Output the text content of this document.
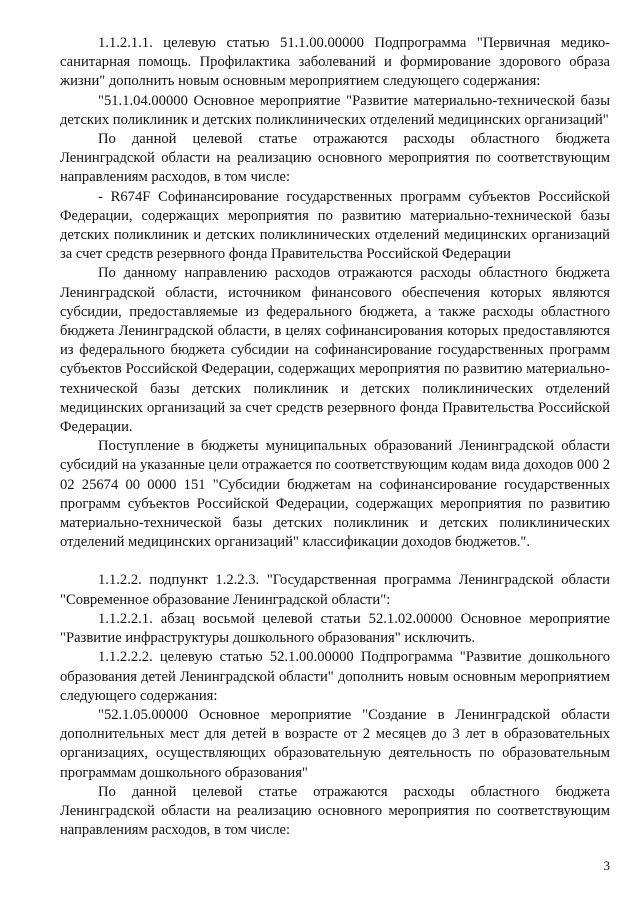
1.1.2.1.1. целевую статью 51.1.00.00000 Подпрограмма "Первичная медико-санитарная помощь. Профилактика заболеваний и формирование здорового образа жизни" дополнить новым основным мероприятием следующего содержания:

"51.1.04.00000 Основное мероприятие "Развитие материально-технической базы детских поликлиник и детских поликлинических отделений медицинских организаций"

По данной целевой статье отражаются расходы областного бюджета Ленинградской области на реализацию основного мероприятия по соответствующим направлениям расходов, в том числе:

- R674F Софинансирование государственных программ субъектов Российской Федерации, содержащих мероприятия по развитию материально-технической базы детских поликлиник и детских поликлинических отделений медицинских организаций за счет средств резервного фонда Правительства Российской Федерации

По данному направлению расходов отражаются расходы областного бюджета Ленинградской области, источником финансового обеспечения которых являются субсидии, предоставляемые из федерального бюджета, а также расходы областного бюджета Ленинградской области, в целях софинансирования которых предоставляются из федерального бюджета субсидии на софинансирование государственных программ субъектов Российской Федерации, содержащих мероприятия по развитию материально-технической базы детских поликлиник и детских поликлинических отделений медицинских организаций за счет средств резервного фонда Правительства Российской Федерации.

Поступление в бюджеты муниципальных образований Ленинградской области субсидий на указанные цели отражается по соответствующим кодам вида доходов 000 2 02 25674 00 0000 151 "Субсидии бюджетам на софинансирование государственных программ субъектов Российской Федерации, содержащих мероприятия по развитию материально-технической базы детских поликлиник и детских поликлинических отделений медицинских организаций" классификации доходов бюджетов.".

1.1.2.2. подпункт 1.2.2.3. "Государственная программа Ленинградской области "Современное образование Ленинградской области":

1.1.2.2.1. абзац восьмой целевой статьи 52.1.02.00000 Основное мероприятие "Развитие инфраструктуры дошкольного образования" исключить.

1.1.2.2.2. целевую статью 52.1.00.00000 Подпрограмма "Развитие дошкольного образования детей Ленинградской области" дополнить новым основным мероприятием следующего содержания:

"52.1.05.00000 Основное мероприятие "Создание в Ленинградской области дополнительных мест для детей в возрасте от 2 месяцев до 3 лет в образовательных организациях, осуществляющих образовательную деятельность по образовательным программам дошкольного образования"

По данной целевой статье отражаются расходы областного бюджета Ленинградской области на реализацию основного мероприятия по соответствующим направлениям расходов, в том числе:

3
